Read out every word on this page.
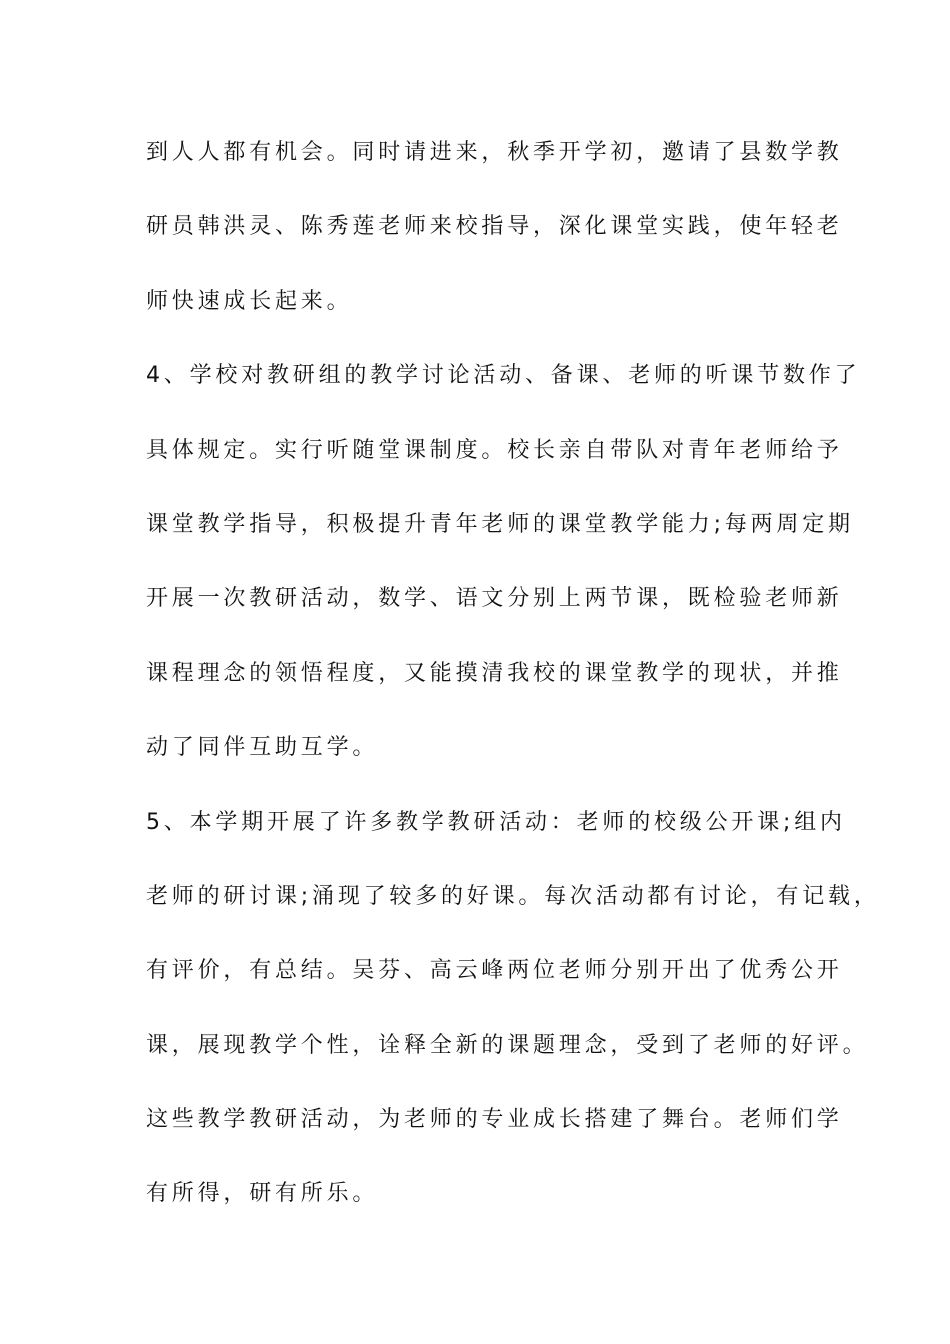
到人人都有机会。同时请进来，秋季开学初，邀请了县数学教
研员韩洪灵、陈秀莲老师来校指导，深化课堂实践，使年轻老
师快速成长起来。
4、学校对教研组的教学讨论活动、备课、老师的听课节数作了
具体规定。实行听随堂课制度。校长亲自带队对青年老师给予
课堂教学指导，积极提升青年老师的课堂教学能力;每两周定期
开展一次教研活动，数学、语文分别上两节课，既检验老师新
课程理念的领悟程度，又能摸清我校的课堂教学的现状，并推
动了同伴互助互学。
5、本学期开展了许多教学教研活动：老师的校级公开课;组内
老师的研讨课;涌现了较多的好课。每次活动都有讨论，有记载，
有评价，有总结。吴芬、高云峰两位老师分别开出了优秀公开
课，展现教学个性，诠释全新的课题理念，受到了老师的好评。
这些教学教研活动，为老师的专业成长搭建了舞台。老师们学
有所得，研有所乐。
